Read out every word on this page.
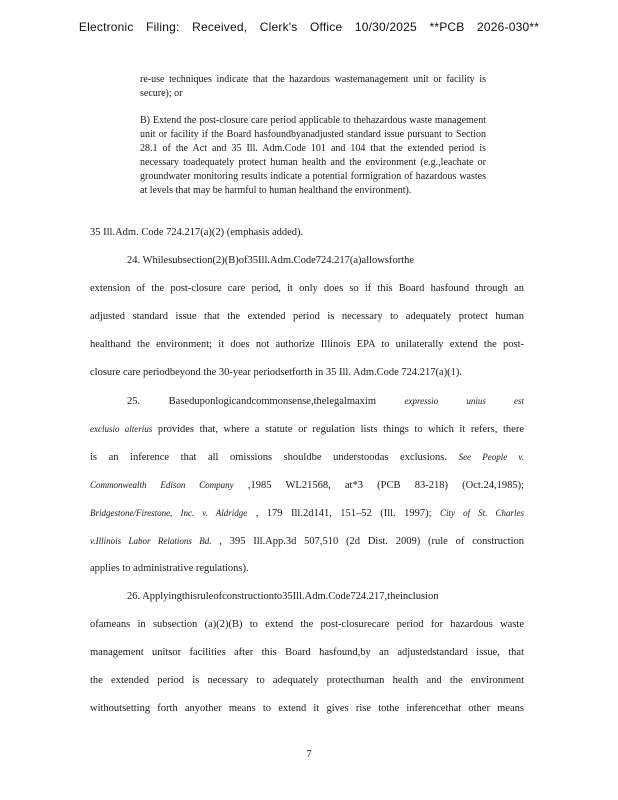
Electronic Filing: Received, Clerk's Office 10/30/2025 **PCB 2026-030**
re-use techniques indicate that the hazardous wastemanagement unit or facility is secure); or
B) Extend the post-closure care period applicable to thehazardous waste management unit or facility if the Board hasfoundbyanadjusted standard issue pursuant to Section 28.1 of the Act and 35 Ill. Adm.Code 101 and 104 that the extended period is necessary toadequately protect human health and the environment (e.g.,leachate or groundwater monitoring results indicate a potential formigration of hazardous wastes at levels that may be harmful to human healthand the environment).
35 Ill.Adm. Code 724.217(a)(2) (emphasis added).
24. Whilesubsection(2)(B)of35Ill.Adm.Code724.217(a)allowsforthe
extension of the post-closure care period, it only does so if this Board hasfound through an
adjusted standard issue that the extended period is necessary to adequately protect human
healthand the environment; it does not authorize Illinois EPA to unilaterally extend the post-
closure care periodbeyond the 30-year periodsetforth in 35 Ill. Adm.Code 724.217(a)(1).
25. Baseduponlogicandcommonsense,thelegalmaxim	expressio unius est
exclusio alterius provides that, where a statute or regulation lists things to which it refers, there
is an inference that all omissions shouldbe understoodas exclusions. See People v.
Commonwealth Edison Company ,1985 WL21568, at*3 (PCB 83-218) (Oct.24,1985);
Bridgestone/Firestone, Inc. v. Aldridge , 179 Ill.2d141, 151–52 (Ill. 1997); City of St. Charles
v.Illinois Labor Relations Bd. , 395 Ill.App.3d 507,510 (2d Dist. 2009) (rule of construction
applies to administrative regulations).
26. Applyingthisruleofconstructionto35Ill.Adm.Code724.217,theinclusion
ofameans in subsection (a)(2)(B) to extend the post-closurecare period for hazardous waste
management unitsor facilities after this Board hasfound,by an adjustedstandard issue, that
the extended period is necessary to adequately protecthuman health and the environment
withoutsetting forth anyother means to extend it gives rise tothe inferencethat other means
7
